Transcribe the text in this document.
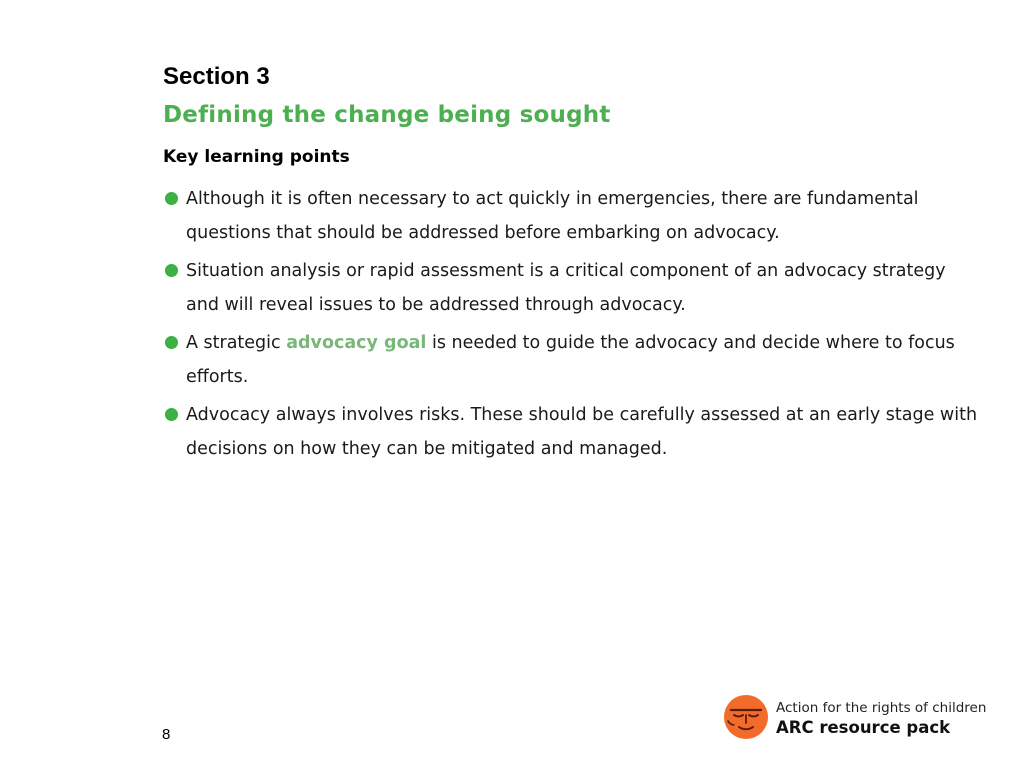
Section 3
Defining the change being sought
Key learning points
Although it is often necessary to act quickly in emergencies, there are fundamental questions that should be addressed before embarking on advocacy.
Situation analysis or rapid assessment is a critical component of an advocacy strategy and will reveal issues to be addressed through advocacy.
A strategic advocacy goal is needed to guide the advocacy and decide where to focus efforts.
Advocacy always involves risks. These should be carefully assessed at an early stage with decisions on how they can be mitigated and managed.
8
Action for the rights of children
ARC resource pack
